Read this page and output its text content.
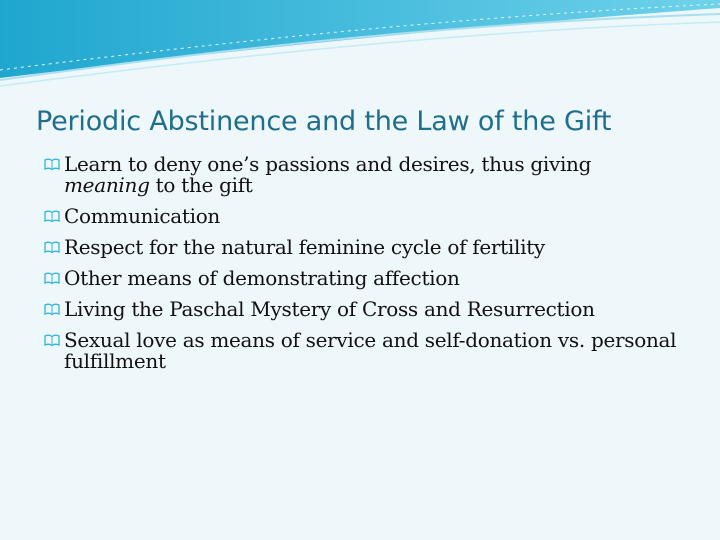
Periodic Abstinence and the Law of the Gift
Learn to deny one’s passions and desires, thus giving
meaning to the gift
Communication
Respect for the natural feminine cycle of fertility
Other means of demonstrating affection
Living the Paschal Mystery of Cross and Resurrection
Sexual love as means of service and self-donation vs. personal fulfillment
